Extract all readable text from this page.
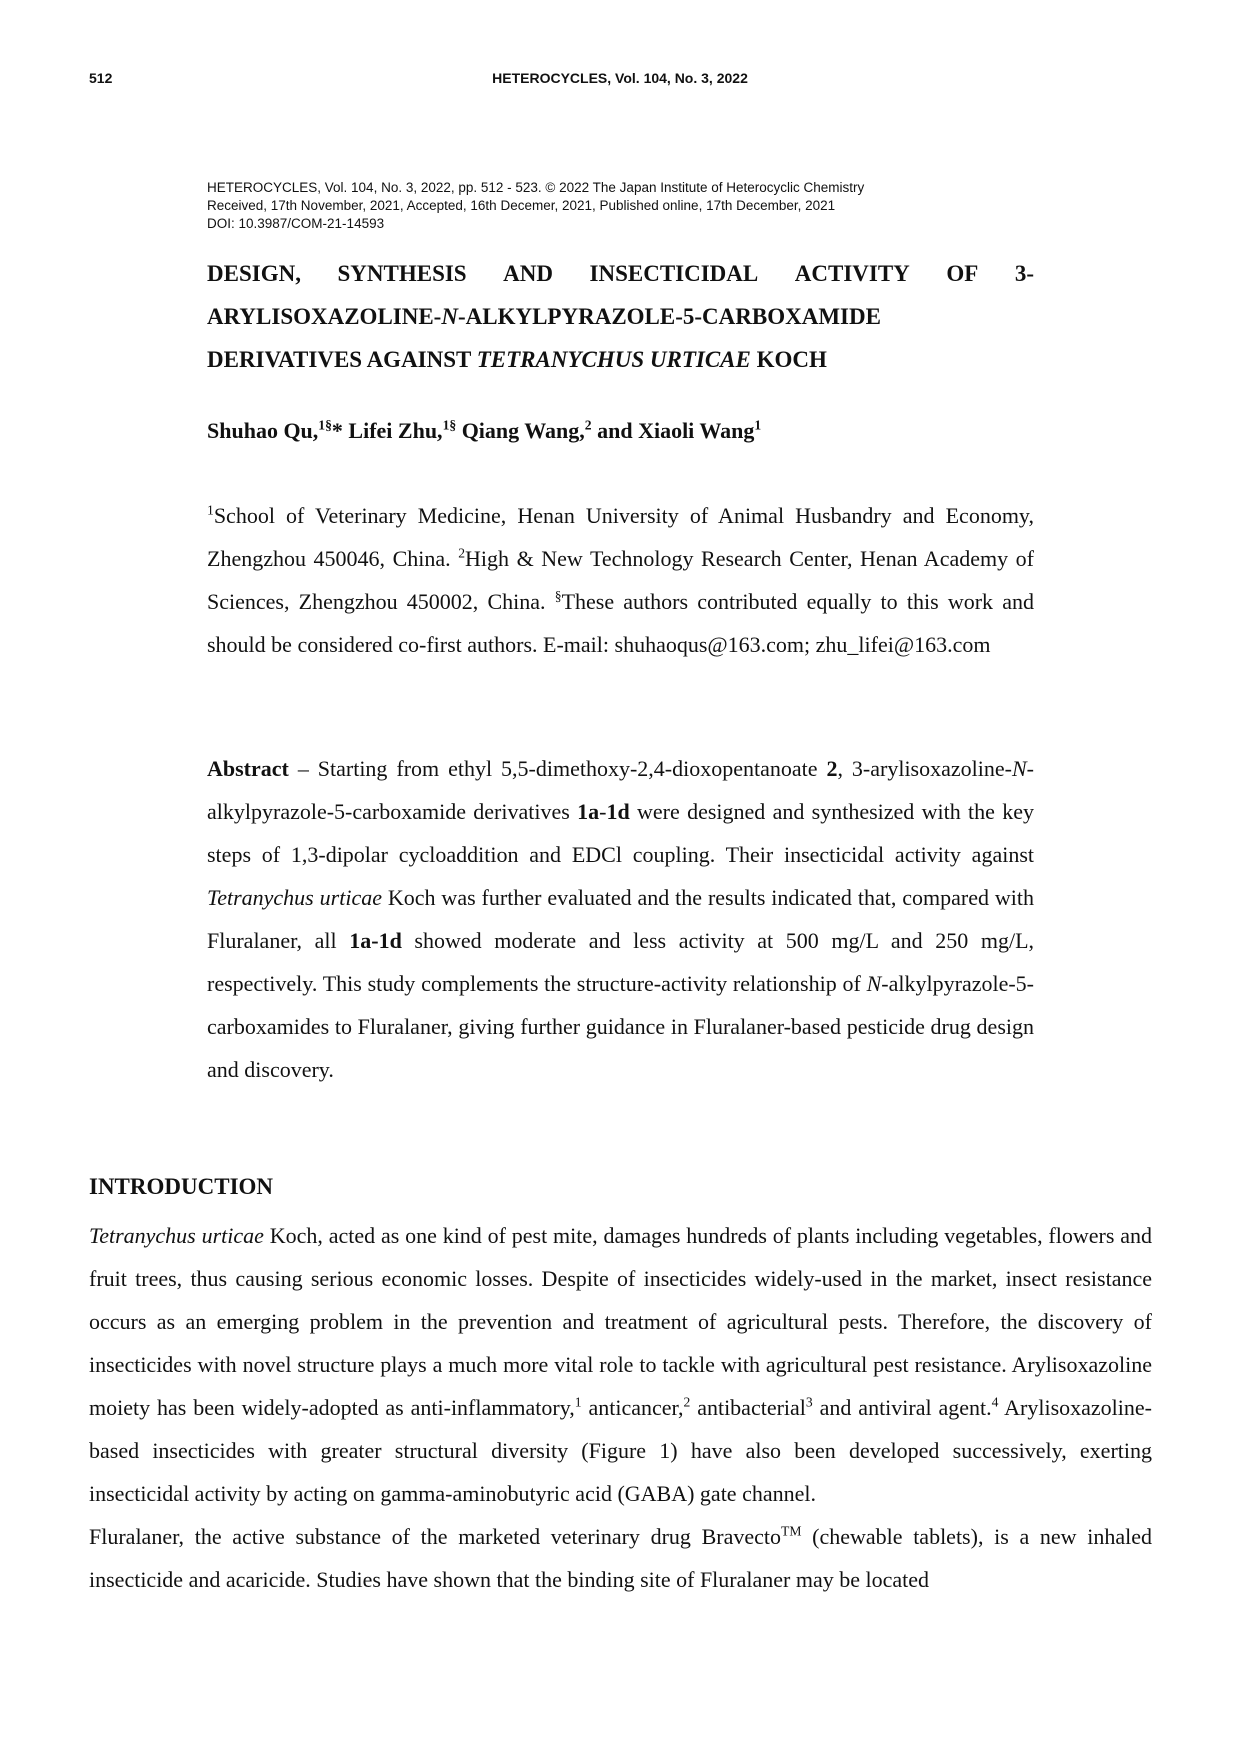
512	HETEROCYCLES, Vol. 104, No. 3, 2022
HETEROCYCLES, Vol. 104, No. 3, 2022, pp. 512 - 523. © 2022 The Japan Institute of Heterocyclic Chemistry
Received, 17th November, 2021, Accepted, 16th Decemer, 2021, Published online, 17th December, 2021
DOI: 10.3987/COM-21-14593
DESIGN, SYNTHESIS AND INSECTICIDAL ACTIVITY OF 3-
ARYLISOXAZOLINE-N-ALKYLPYRAZOLE-5-CARBOXAMIDE
DERIVATIVES AGAINST TETRANYCHUS URTICAE KOCH
Shuhao Qu,$^{1\S}$* Lifei Zhu,$^{1\S}$ Qiang Wang,$^2$ and Xiaoli Wang$^1$
$^1$School of Veterinary Medicine, Henan University of Animal Husbandry and Economy, Zhengzhou 450046, China. $^2$High & New Technology Research Center, Henan Academy of Sciences, Zhengzhou 450002, China. §These authors contributed equally to this work and should be considered co-first authors. E-mail: shuhaoqus@163.com; zhu_lifei@163.com
Abstract – Starting from ethyl 5,5-dimethoxy-2,4-dioxopentanoate 2, 3-arylisoxazoline-N-alkylpyrazole-5-carboxamide derivatives 1a-1d were designed and synthesized with the key steps of 1,3-dipolar cycloaddition and EDCl coupling. Their insecticidal activity against Tetranychus urticae Koch was further evaluated and the results indicated that, compared with Fluralaner, all 1a-1d showed moderate and less activity at 500 mg/L and 250 mg/L, respectively. This study complements the structure-activity relationship of N-alkylpyrazole-5-carboxamides to Fluralaner, giving further guidance in Fluralaner-based pesticide drug design and discovery.
INTRODUCTION

Tetranychus urticae Koch, acted as one kind of pest mite, damages hundreds of plants including vegetables, flowers and fruit trees, thus causing serious economic losses. Despite of insecticides widely-used in the market, insect resistance occurs as an emerging problem in the prevention and treatment of agricultural pests. Therefore, the discovery of insecticides with novel structure plays a much more vital role to tackle with agricultural pest resistance. Arylisoxazoline moiety has been widely-adopted as anti-inflammatory,$^1$ anticancer,$^2$ antibacterial$^3$ and antiviral agent.$^4$ Arylisoxazoline-based insecticides with greater structural diversity (Figure 1) have also been developed successively, exerting insecticidal activity by acting on gamma-aminobutyric acid (GABA) gate channel.

Fluralaner, the active substance of the marketed veterinary drug Bravecto™ (chewable tablets), is a new inhaled insecticide and acaricide. Studies have shown that the binding site of Fluralaner may be located
